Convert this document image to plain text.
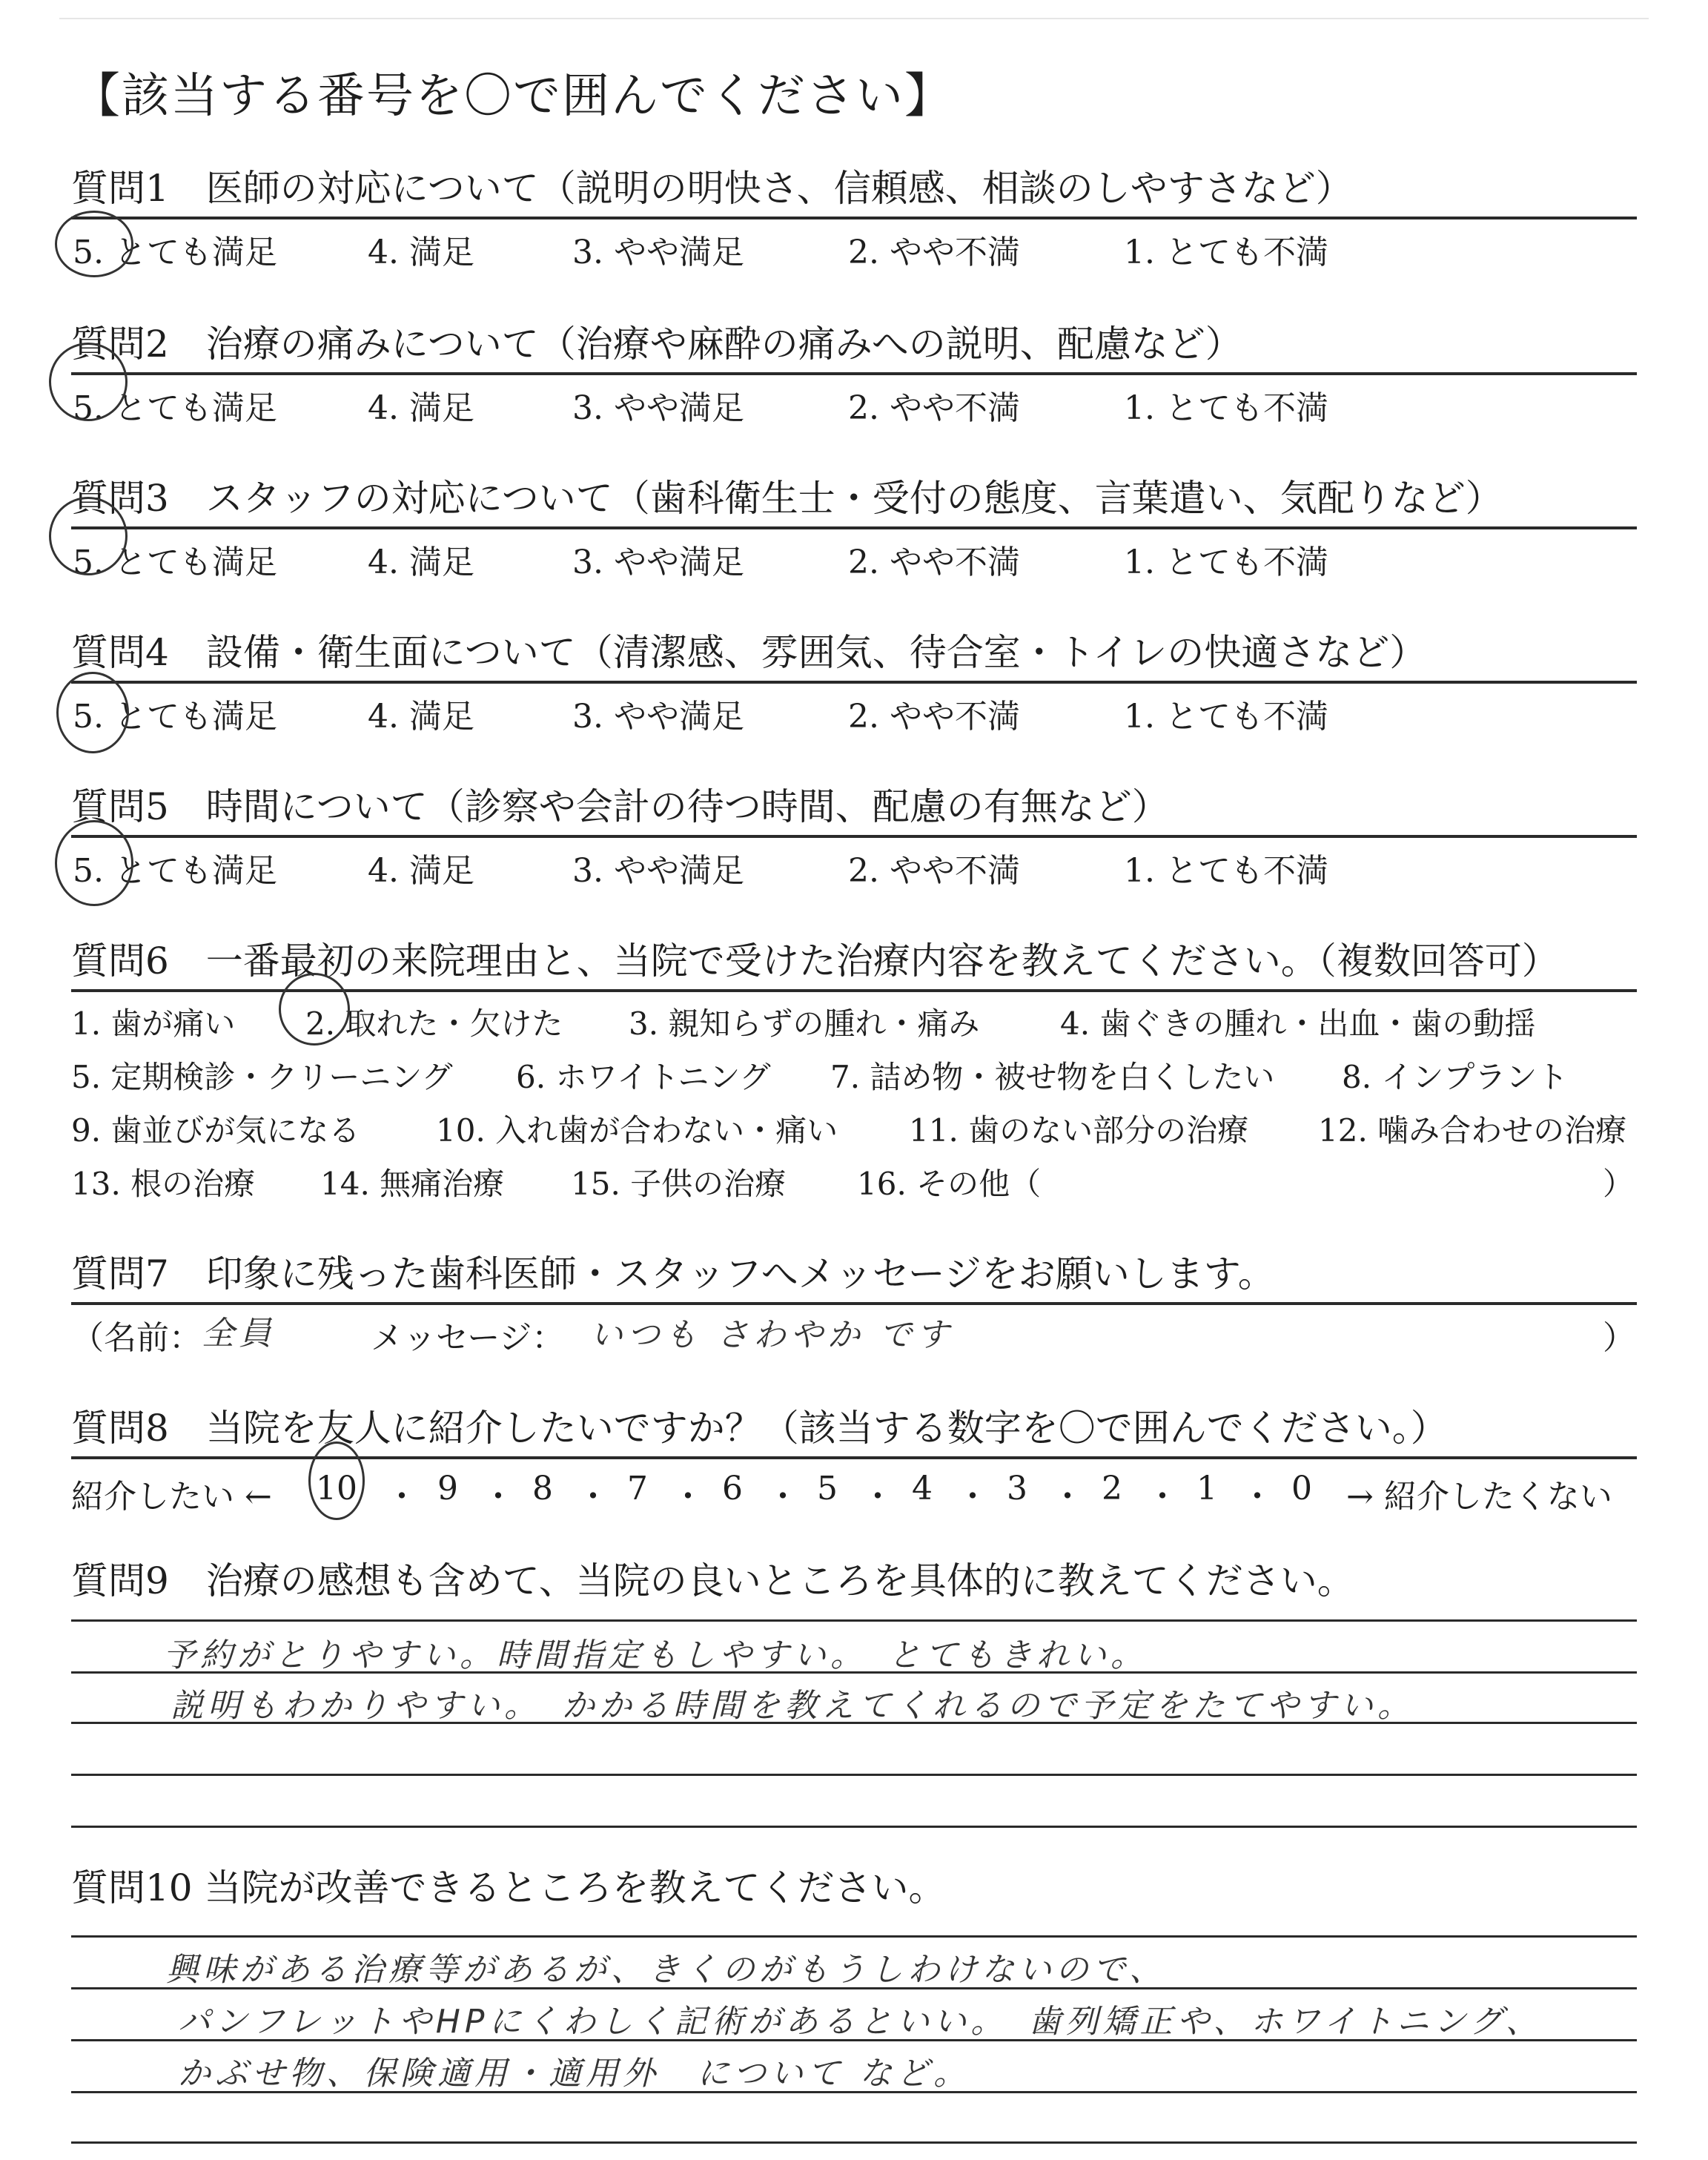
【該当する番号を〇で囲んでください】
質問1　医師の対応について（説明の明快さ、信頼感、相談のしやすさなど）
5. とても満足	4. 満足	3. やや満足	2. やや不満	1. とても不満
質問2　治療の痛みについて（治療や麻酔の痛みへの説明、配慮など）
5. とても満足	4. 満足	3. やや満足	2. やや不満	1. とても不満
質問3　スタッフの対応について（歯科衛生士・受付の態度、言葉遣い、気配りなど）
5. とても満足	4. 満足	3. やや満足	2. やや不満	1. とても不満
質問4　設備・衛生面について（清潔感、雰囲気、待合室・トイレの快適さなど）
5. とても満足	4. 満足	3. やや満足	2. やや不満	1. とても不満
質問5　時間について（診察や会計の待つ時間、配慮の有無など）
5. とても満足	4. 満足	3. やや満足	2. やや不満	1. とても不満
質問6　一番最初の来院理由と、当院で受けた治療内容を教えてください。（複数回答可）
1. 歯が痛い 2. 取れた・欠けた 3. 親知らずの腫れ・痛み	4. 歯ぐきの腫れ・出血・歯の動揺
5. 定期検診・クリーニング 6. ホワイトニング 7. 詰め物・被せ物を白くしたい 8. インプラント
9. 歯並びが気になる 10. 入れ歯が合わない・痛い 11. 歯のない部分の治療 12. 噛み合わせの治療
13. 根の治療 14. 無痛治療 15. 子供の治療 16. その他（	）
質問7　印象に残った歯科医師・スタッフへメッセージをお願いします。
（名前： 全員	メッセージ： いつも さわやか です	）
質問8　当院を友人に紹介したいですか？（該当する数字を〇で囲んでください。）
紹介したい ← 10 ・ 9 ・ 8 ・ 7 ・ 6 ・ 5 ・ 4 ・ 3 ・ 2 ・ 1 ・ 0 → 紹介したくない
質問9　治療の感想も含めて、当院の良いところを具体的に教えてください。
予約がとりやすい。時間指定もしやすい。　とてもきれい。
説明もわかりやすい。　かかる時間を教えてくれるので予定をたてやすい。
質問10 当院が改善できるところを教えてください。
興味がある治療等があるが、きくのがもうしわけないので、
パンフレットやHPにくわしく記術があるといい。　歯列矯正や、ホワイトニング、
かぶせ物、保険適用・適用外　について など。
